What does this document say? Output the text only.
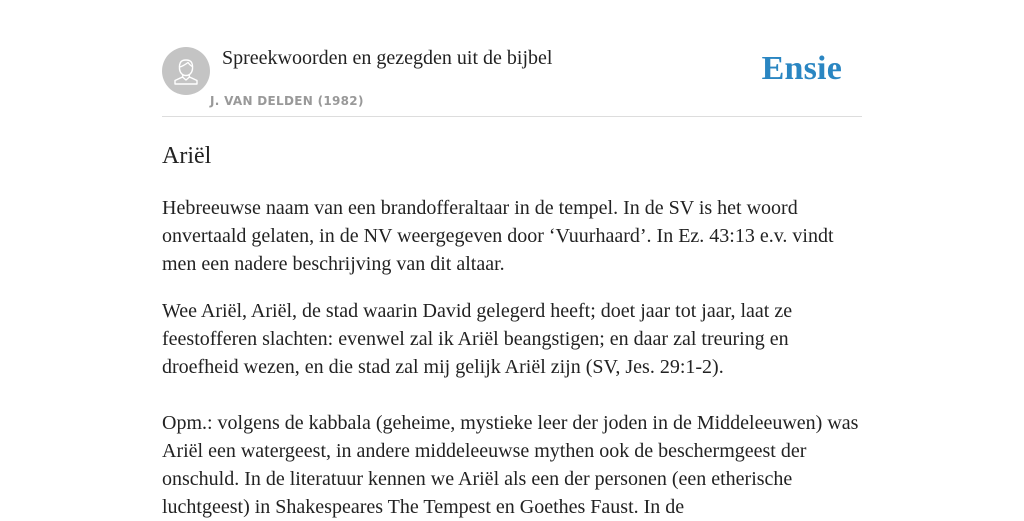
Spreekwoorden en gezegden uit de bijbel
J. VAN DELDEN (1982)
Ensie
Ariël

Hebreeuwse naam van een brandofferaltaar in de tempel. In de SV is het woord onvertaald gelaten, in de NV weergegeven door ‘Vuurhaard’. In Ez. 43:13 e.v. vindt men een nadere beschrijving van dit altaar.

Wee Ariël, Ariël, de stad waarin David gelegerd heeft; doet jaar tot jaar, laat ze feestofferen slachten: evenwel zal ik Ariël beangstigen; en daar zal treuring en droefheid wezen, en die stad zal mij gelijk Ariël zijn (SV, Jes. 29:1-2).

Opm.: volgens de kabbala (geheime, mystieke leer der joden in de Middeleeuwen) was Ariël een watergeest, in andere middeleeuwse mythen ook de beschermgeest der onschuld. In de literatuur kennen we Ariël als een der personen (een etherische luchtgeest) in Shakespeares The Tempest en Goethes Faust. In de
